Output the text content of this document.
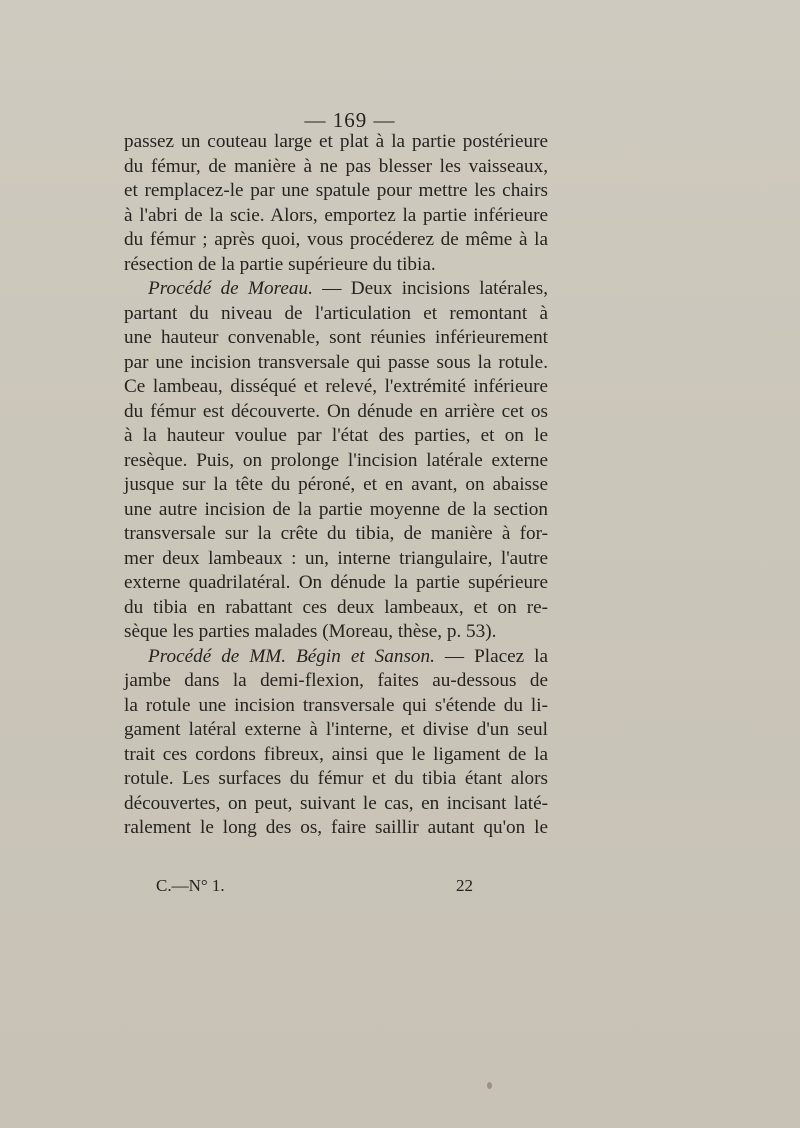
— 169 —
passez un couteau large et plat à la partie postérieure
du fémur, de manière à ne pas blesser les vaisseaux,
et remplacez-le par une spatule pour mettre les chairs
à l'abri de la scie. Alors, emportez la partie inférieure
du fémur ; après quoi, vous procéderez de même à la
résection de la partie supérieure du tibia.
Procédé de Moreau. — Deux incisions latérales,
partant du niveau de l'articulation et remontant à
une hauteur convenable, sont réunies inférieurement
par une incision transversale qui passe sous la rotule.
Ce lambeau, disséqué et relevé, l'extrémité inférieure
du fémur est découverte. On dénude en arrière cet os
à la hauteur voulue par l'état des parties, et on le
resèque. Puis, on prolonge l'incision latérale externe
jusque sur la tête du péroné, et en avant, on abaisse
une autre incision de la partie moyenne de la section
transversale sur la crête du tibia, de manière à for-
mer deux lambeaux : un, interne triangulaire, l'autre
externe quadrilatéral. On dénude la partie supérieure
du tibia en rabattant ces deux lambeaux, et on re-
sèque les parties malades (Moreau, thèse, p. 53).
Procédé de MM. Bégin et Sanson. — Placez la
jambe dans la demi-flexion, faites au-dessous de
la rotule une incision transversale qui s'étende du li-
gament latéral externe à l'interne, et divise d'un seul
trait ces cordons fibreux, ainsi que le ligament de la
rotule. Les surfaces du fémur et du tibia étant alors
découvertes, on peut, suivant le cas, en incisant laté-
ralement le long des os, faire saillir autant qu'on le
C.—N° 1.	22
